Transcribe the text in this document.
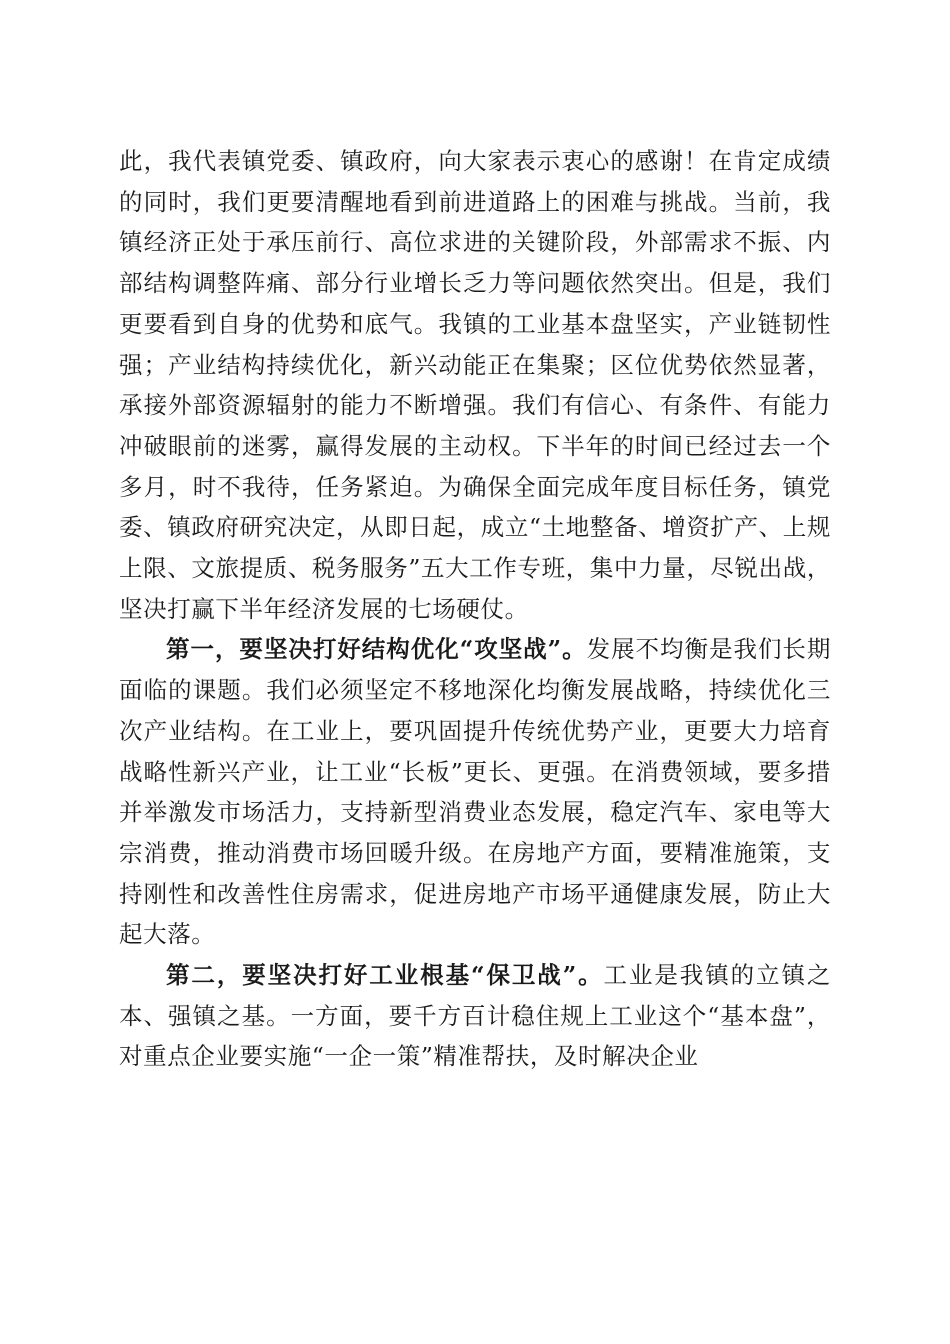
此，我代表镇党委、镇政府，向大家表示衷心的感谢！在肯定成绩的同时，我们更要清醒地看到前进道路上的困难与挑战。当前，我镇经济正处于承压前行、高位求进的关键阶段，外部需求不振、内部结构调整阵痛、部分行业增长乏力等问题依然突出。但是，我们更要看到自身的优势和底气。我镇的工业基本盘坚实，产业链韧性强；产业结构持续优化，新兴动能正在集聚；区位优势依然显著，承接外部资源辐射的能力不断增强。我们有信心、有条件、有能力冲破眼前的迷雾，赢得发展的主动权。下半年的时间已经过去一个多月，时不我待，任务紧迫。为确保全面完成年度目标任务，镇党委、镇政府研究决定，从即日起，成立“土地整备、增资扩产、上规上限、文旅提质、税务服务”五大工作专班，集中力量，尽锐出战，坚决打赢下半年经济发展的七场硬仗。

第一，要坚决打好结构优化“攻坚战”。发展不均衡是我们长期面临的课题。我们必须坚定不移地深化均衡发展战略，持续优化三次产业结构。在工业上，要巩固提升传统优势产业，更要大力培育战略性新兴产业，让工业“长板”更长、更强。在消费领域，要多措并举激发市场活力，支持新型消费业态发展，稳定汽车、家电等大宗消费，推动消费市场回暖升级。在房地产方面，要精准施策，支持刚性和改善性住房需求，促进房地产市场平通健康发展，防止大起大落。

第二，要坚决打好工业根基“保卫战”。工业是我镇的立镇之本、强镇之基。一方面，要千方百计稳住规上工业这个“基本盘”，对重点企业要实施“一企一策”精准帮扶，及时解决企业
